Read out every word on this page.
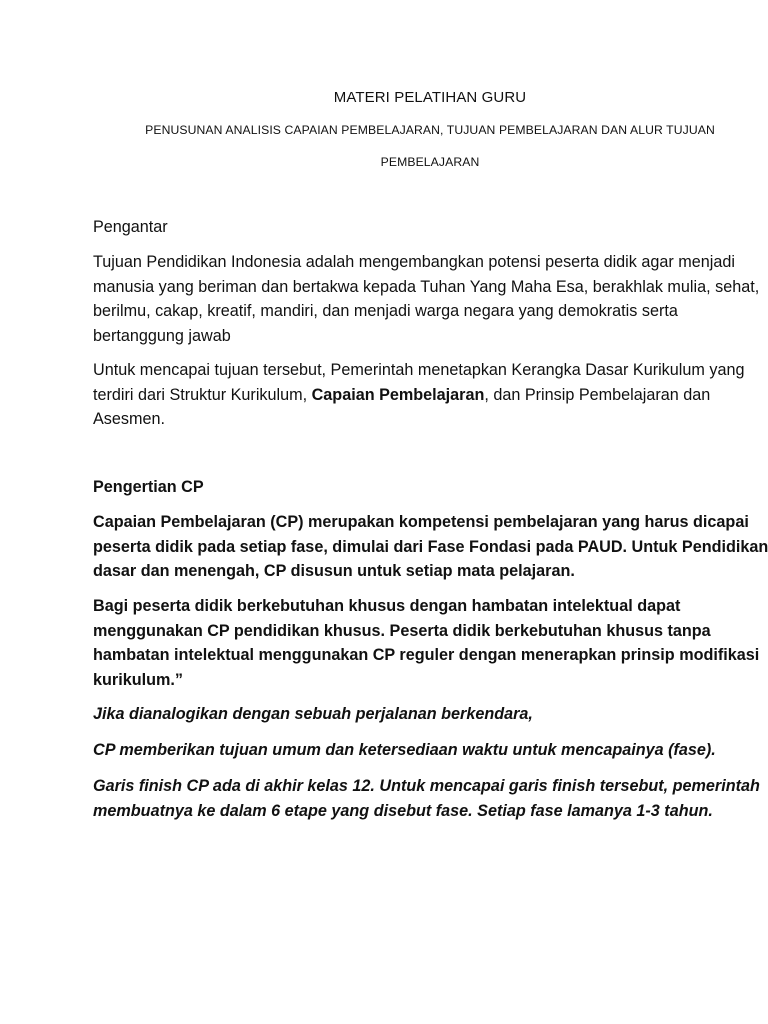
MATERI PELATIHAN GURU
PENUSUNAN ANALISIS CAPAIAN PEMBELAJARAN, TUJUAN PEMBELAJARAN DAN ALUR TUJUAN
PEMBELAJARAN

Pengantar

Tujuan Pendidikan Indonesia adalah mengembangkan potensi peserta didik agar menjadi manusia yang beriman dan bertakwa kepada Tuhan Yang Maha Esa, berakhlak mulia, sehat, berilmu, cakap, kreatif, mandiri, dan menjadi warga negara yang demokratis serta bertanggung jawab

Untuk mencapai tujuan tersebut, Pemerintah menetapkan Kerangka Dasar Kurikulum yang terdiri dari Struktur Kurikulum, Capaian Pembelajaran, dan Prinsip Pembelajaran dan Asesmen.

Pengertian CP

Capaian Pembelajaran (CP) merupakan kompetensi pembelajaran yang harus dicapai peserta didik pada setiap fase, dimulai dari Fase Fondasi pada PAUD. Untuk Pendidikan dasar dan menengah, CP disusun untuk setiap mata pelajaran.

Bagi peserta didik berkebutuhan khusus dengan hambatan intelektual dapat menggunakan CP pendidikan khusus. Peserta didik berkebutuhan khusus tanpa hambatan intelektual menggunakan CP reguler dengan menerapkan prinsip modifikasi kurikulum.”

Jika dianalogikan dengan sebuah perjalanan berkendara,

CP memberikan tujuan umum dan ketersediaan waktu untuk mencapainya (fase).

Garis finish CP ada di akhir kelas 12. Untuk mencapai garis finish tersebut, pemerintah membuatnya ke dalam 6 etape yang disebut fase. Setiap fase lamanya 1-3 tahun.
